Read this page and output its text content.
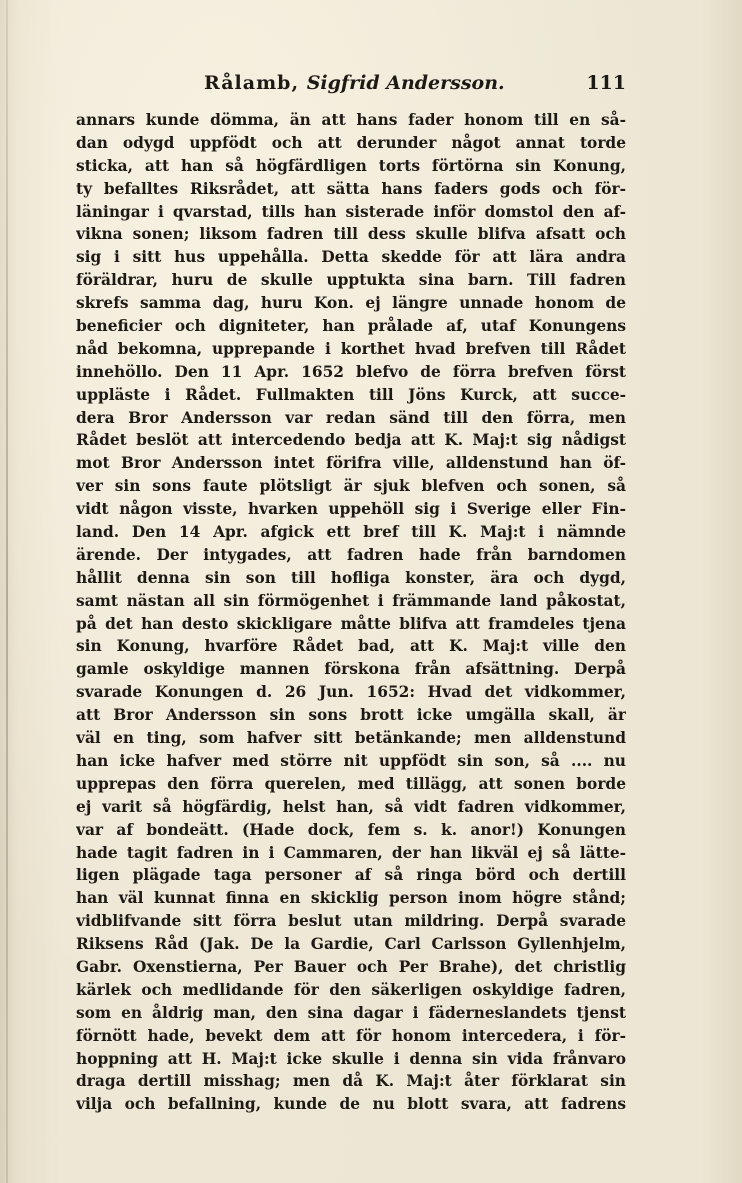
Rålamb, Sigfrid Andersson.	111
annars kunde dömma, än att hans fader honom till en så-
dan odygd uppfödt och att derunder något annat torde
sticka, att han så högfärdligen torts förtörna sin Konung,
ty befalltes Riksrådet, att sätta hans faders gods och för-
läningar i qvarstad, tills han sisterade inför domstol den af-
vikna sonen; liksom fadren till dess skulle blifva afsatt och
sig i sitt hus uppehålla. Detta skedde för att lära andra
föräldrar, huru de skulle upptukta sina barn. Till fadren
skrefs samma dag, huru Kon. ej längre unnade honom de
beneficier och digniteter, han prålade af, utaf Konungens
nåd bekomna, upprepande i korthet hvad brefven till Rådet
innehöllo. Den 11 Apr. 1652 blefvo de förra brefven först
uppläste i Rådet. Fullmakten till Jöns Kurck, att succe-
dera Bror Andersson var redan sänd till den förra, men
Rådet beslöt att intercedendo bedja att K. Maj:t sig nådigst
mot Bror Andersson intet förifra ville, alldenstund han öf-
ver sin sons faute plötsligt är sjuk blefven och sonen, så
vidt någon visste, hvarken uppehöll sig i Sverige eller Fin-
land. Den 14 Apr. afgick ett bref till K. Maj:t i nämnde
ärende. Der intygades, att fadren hade från barndomen
hållit denna sin son till hofliga konster, ära och dygd,
samt nästan all sin förmögenhet i främmande land påkostat,
på det han desto skickligare måtte blifva att framdeles tjena
sin Konung, hvarföre Rådet bad, att K. Maj:t ville den
gamle oskyldige mannen förskona från afsättning. Derpå
svarade Konungen d. 26 Jun. 1652: Hvad det vidkommer,
att Bror Andersson sin sons brott icke umgälla skall, är
väl en ting, som hafver sitt betänkande; men alldenstund
han icke hafver med större nit uppfödt sin son, så .... nu
upprepas den förra querelen, med tillägg, att sonen borde
ej varit så högfärdig, helst han, så vidt fadren vidkommer,
var af bondeätt. (Hade dock, fem s. k. anor!) Konungen
hade tagit fadren in i Cammaren, der han likväl ej så lätte-
ligen plägade taga personer af så ringa börd och dertill
han väl kunnat finna en skicklig person inom högre stånd;
vidblifvande sitt förra beslut utan mildring. Derpå svarade
Riksens Råd (Jak. De la Gardie, Carl Carlsson Gyllenhjelm,
Gabr. Oxenstierna, Per Bauer och Per Brahe), det christlig
kärlek och medlidande för den säkerligen oskyldige fadren,
som en åldrig man, den sina dagar i fäderneslandets tjenst
förnött hade, bevekt dem att för honom intercedera, i för-
hoppning att H. Maj:t icke skulle i denna sin vida frånvaro
draga dertill misshag; men då K. Maj:t åter förklarat sin
vilja och befallning, kunde de nu blott svara, att fadrens
